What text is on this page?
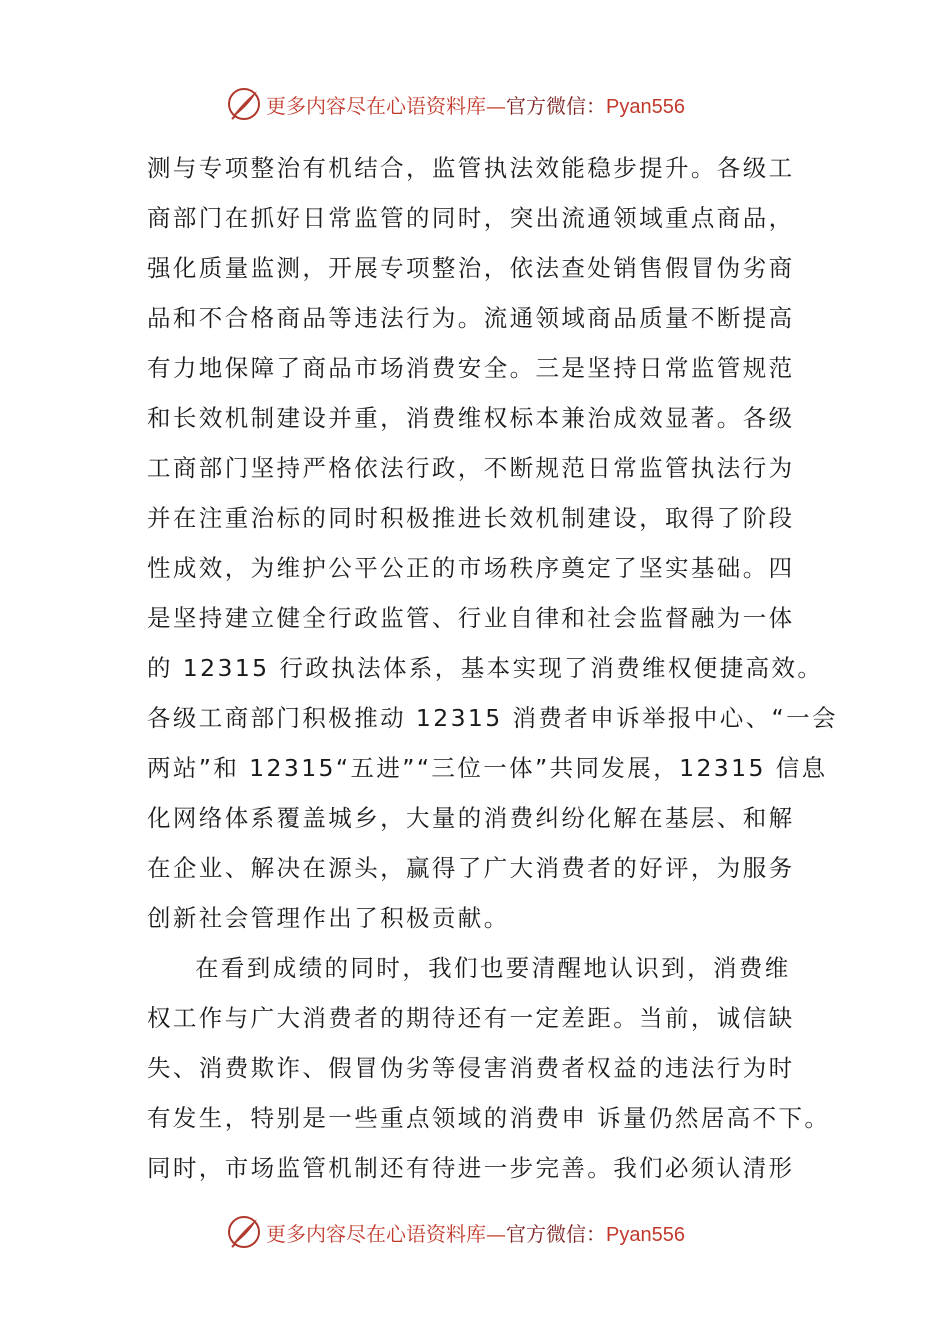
更多内容尽在心语资料库—官方微信：Pyan556

测与专项整治有机结合，监管执法效能稳步提升。各级工

商部门在抓好日常监管的同时，突出流通领域重点商品，

强化质量监测，开展专项整治，依法查处销售假冒伪劣商

品和不合格商品等违法行为。流通领域商品质量不断提高

有力地保障了商品市场消费安全。三是坚持日常监管规范

和长效机制建设并重，消费维权标本兼治成效显著。各级

工商部门坚持严格依法行政，不断规范日常监管执法行为

并在注重治标的同时积极推进长效机制建设，取得了阶段

性成效，为维护公平公正的市场秩序奠定了坚实基础。四

是坚持建立健全行政监管、行业自律和社会监督融为一体

的 12315 行政执法体系，基本实现了消费维权便捷高效。

各级工商部门积极推动 12315 消费者申诉举报中心、“一会

两站”和 12315“五进”“三位一体”共同发展，12315 信息

化网络体系覆盖城乡，大量的消费纠纷化解在基层、和解

在企业、解决在源头，赢得了广大消费者的好评，为服务

创新社会管理作出了积极贡献。

在看到成绩的同时，我们也要清醒地认识到，消费维

权工作与广大消费者的期待还有一定差距。当前，诚信缺

失、消费欺诈、假冒伪劣等侵害消费者权益的违法行为时

有发生，特别是一些重点领域的消费申 诉量仍然居高不下。

同时，市场监管机制还有待进一步完善。我们必须认清形

更多内容尽在心语资料库—官方微信：Pyan556
